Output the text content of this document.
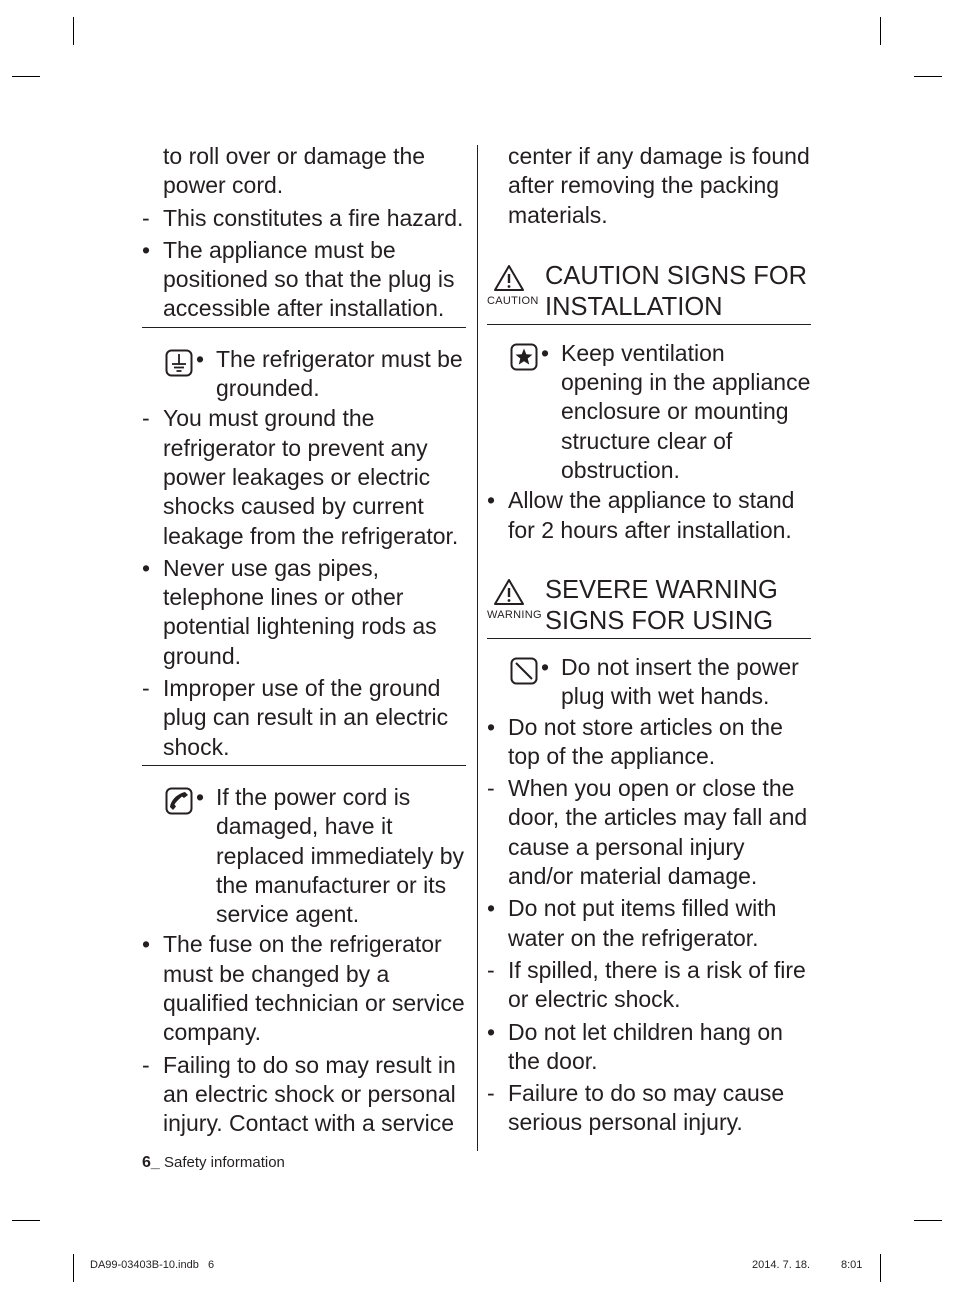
to roll over or damage the
power cord.
- This constitutes a fire hazard.
• The appliance must be positioned so that the plug is accessible after installation.
• The refrigerator must be grounded.
- You must ground the refrigerator to prevent any power leakages or electric shocks caused by current leakage from the refrigerator.
• Never use gas pipes, telephone lines or other potential lightening rods as ground.
- Improper use of the ground plug can result in an electric shock.
• If the power cord is damaged, have it replaced immediately by the manufacturer or its service agent.
• The fuse on the refrigerator must be changed by a qualified technician or service company.
- Failing to do so may result in an electric shock or personal injury. Contact with a service
center if any damage is found after removing the packing materials.
CAUTION
CAUTION SIGNS FOR
INSTALLATION
• Keep ventilation opening in the appliance enclosure or mounting structure clear of obstruction.
• Allow the appliance to stand for 2 hours after installation.
WARNING
SEVERE WARNING
SIGNS FOR USING
• Do not insert the power plug with wet hands.
• Do not store articles on the top of the appliance.
- When you open or close the door, the articles may fall and cause a personal injury and/or material damage.
• Do not put items filled with water on the refrigerator.
- If spilled, there is a risk of fire or electric shock.
• Do not let children hang on the door.
- Failure to do so may cause serious personal injury.
6_ Safety information
DA99-03403B-10.indb   6	2014. 7. 18.	8:01
